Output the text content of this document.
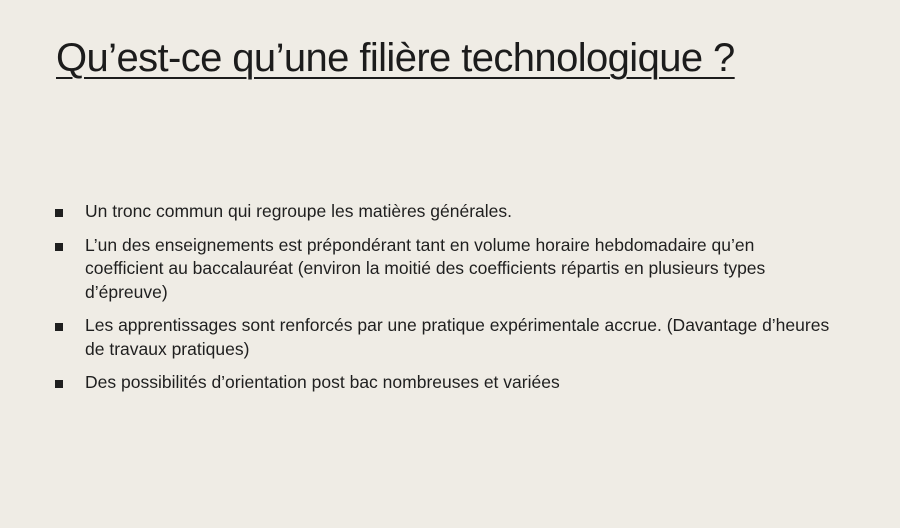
Qu’est-ce qu’une filière technologique ?
Un tronc commun qui regroupe les matières générales.
L’un des enseignements est prépondérant tant en volume horaire hebdomadaire qu’en coefficient au baccalauréat (environ la moitié des coefficients répartis en plusieurs types d’épreuve)
Les apprentissages sont renforcés par une pratique expérimentale accrue. (Davantage d’heures de travaux pratiques)
Des possibilités d’orientation post bac nombreuses et variées
